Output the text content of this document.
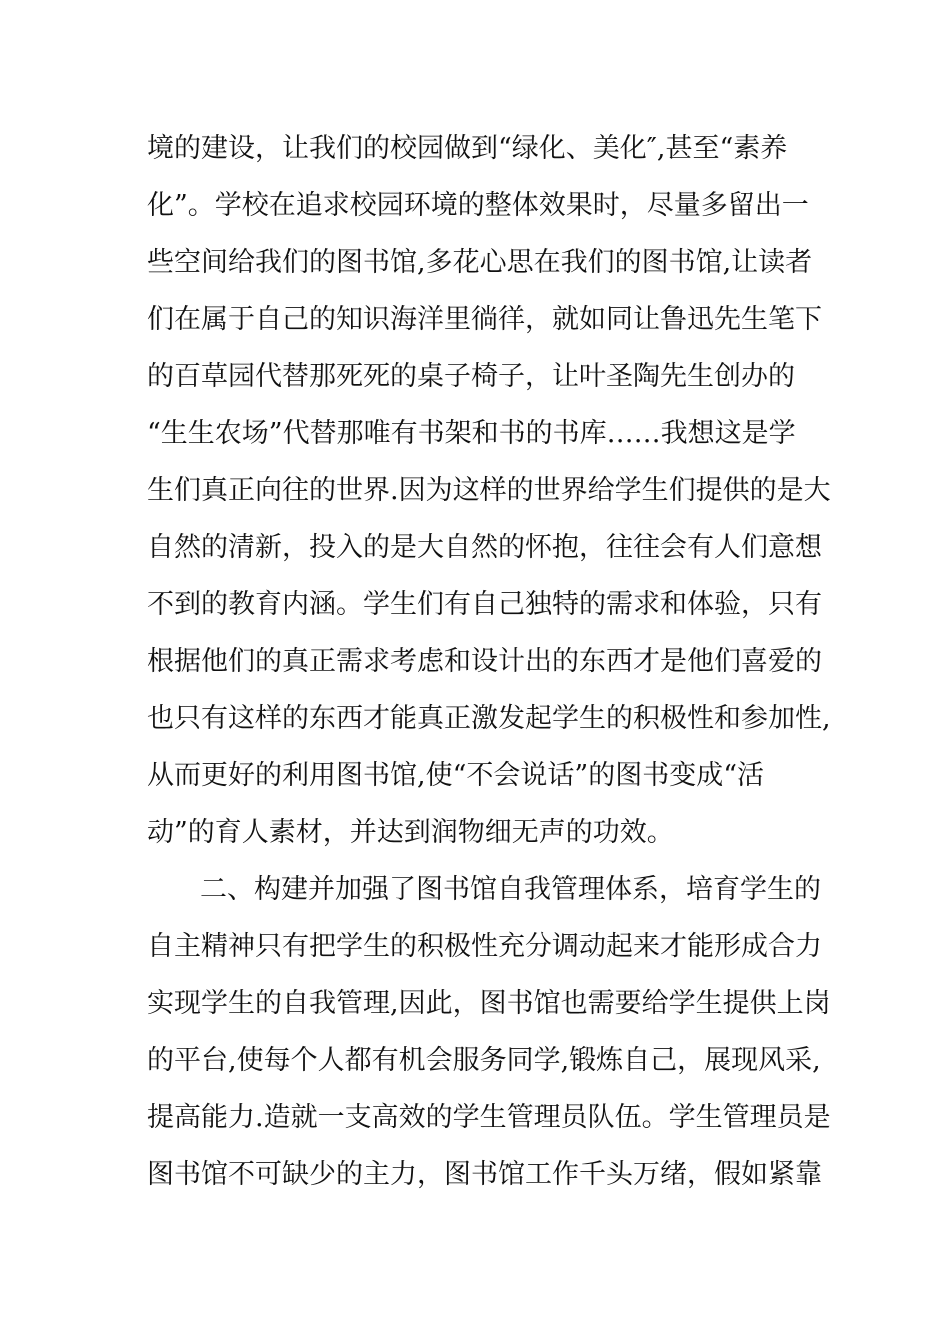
境的建设，让我们的校园做到“绿化、美化″,甚至“素养
化”。学校在追求校园环境的整体效果时，尽量多留出一
些空间给我们的图书馆,多花心思在我们的图书馆,让读者
们在属于自己的知识海洋里徜徉，就如同让鲁迅先生笔下
的百草园代替那死死的桌子椅子，让叶圣陶先生创办的
“生生农场”代替那唯有书架和书的书库……我想这是学
生们真正向往的世界.因为这样的世界给学生们提供的是大
自然的清新，投入的是大自然的怀抱，往往会有人们意想
不到的教育内涵。学生们有自己独特的需求和体验，只有
根据他们的真正需求考虑和设计出的东西才是他们喜爱的
也只有这样的东西才能真正激发起学生的积极性和参加性,
从而更好的利用图书馆,使“不会说话”的图书变成“活
动”的育人素材，并达到润物细无声的功效。
二、构建并加强了图书馆自我管理体系，培育学生的
自主精神只有把学生的积极性充分调动起来才能形成合力
实现学生的自我管理,因此，图书馆也需要给学生提供上岗
的平台,使每个人都有机会服务同学,锻炼自己，展现风采,
提高能力.造就一支高效的学生管理员队伍。学生管理员是
图书馆不可缺少的主力，图书馆工作千头万绪，假如紧靠
